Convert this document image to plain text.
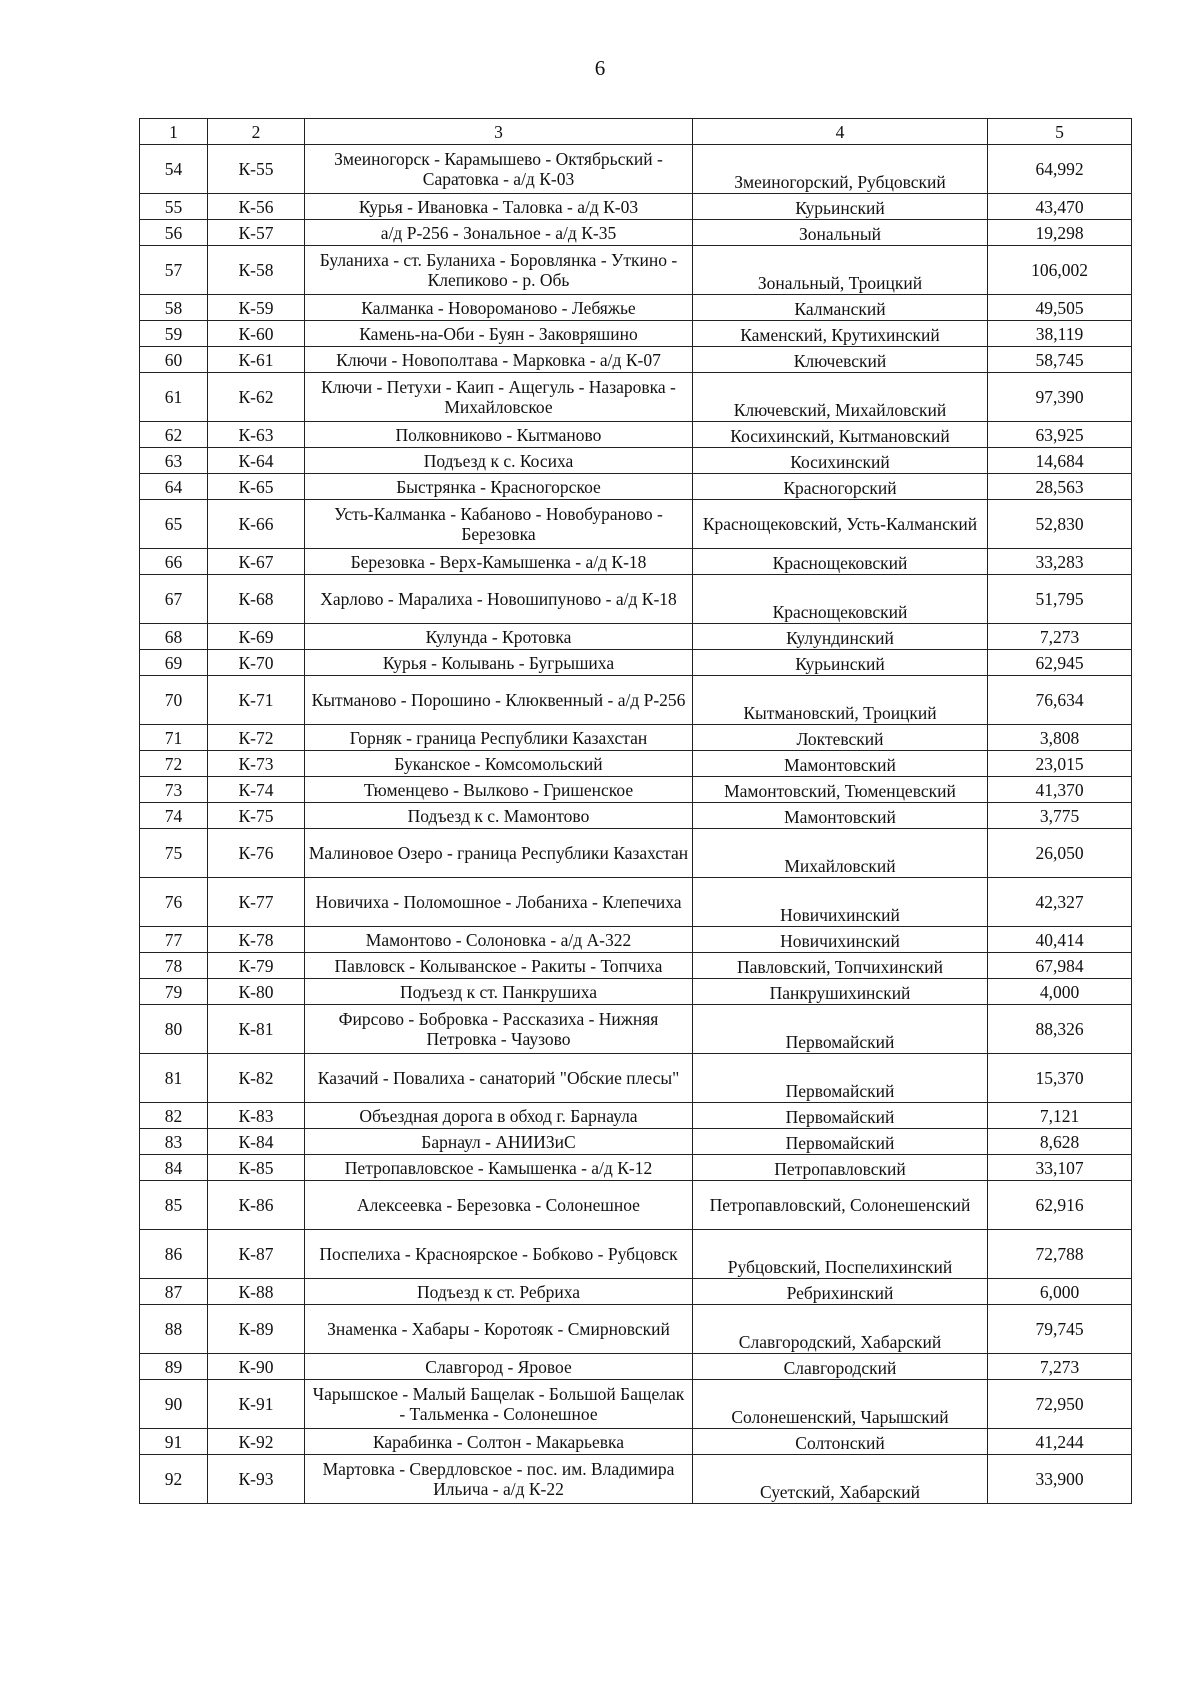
6
1	2	3	4	5
54	К-55	Змеиногорск - Карамышево - Октябрьский - Саратовка - а/д К-03	Змеиногорский, Рубцовский	64,992
55	К-56	Курья - Ивановка - Таловка - а/д К-03	Курьинский	43,470
56	К-57	а/д Р-256 - Зональное - а/д К-35	Зональный	19,298
57	К-58	Буланиха - ст. Буланиха - Боровлянка - Уткино - Клепиково - р. Обь	Зональный, Троицкий	106,002
58	К-59	Калманка - Новороманово - Лебяжье	Калманский	49,505
59	К-60	Камень-на-Оби - Буян - Заковряшино	Каменский, Крутихинский	38,119
60	К-61	Ключи - Новополтава - Марковка - а/д К-07	Ключевский	58,745
61	К-62	Ключи - Петухи - Каип - Ащегуль - Назаровка - Михайловское	Ключевский, Михайловский	97,390
62	К-63	Полковниково - Кытманово	Косихинский, Кытмановский	63,925
63	К-64	Подъезд к с. Косиха	Косихинский	14,684
64	К-65	Быстрянка - Красногорское	Красногорский	28,563
65	К-66	Усть-Калманка - Кабаново - Новобураново - Березовка	Краснощековский, Усть-Калманский	52,830
66	К-67	Березовка - Верх-Камышенка - а/д К-18	Краснощековский	33,283
67	К-68	Харлово - Маралиха - Новошипуново - а/д К-18	Краснощековский	51,795
68	К-69	Кулунда - Кротовка	Кулундинский	7,273
69	К-70	Курья - Колывань - Бугрышиха	Курьинский	62,945
70	К-71	Кытманово - Порошино - Клюквенный - а/д Р-256	Кытмановский, Троицкий	76,634
71	К-72	Горняк - граница Республики Казахстан	Локтевский	3,808
72	К-73	Буканское - Комсомольский	Мамонтовский	23,015
73	К-74	Тюменцево - Вылково - Гришенское	Мамонтовский, Тюменцевский	41,370
74	К-75	Подъезд к с. Мамонтово	Мамонтовский	3,775
75	К-76	Малиновое Озеро - граница Республики Казахстан	Михайловский	26,050
76	К-77	Новичиха - Поломошное - Лобаниха - Клепечиха	Новичихинский	42,327
77	К-78	Мамонтово - Солоновка - а/д А-322	Новичихинский	40,414
78	К-79	Павловск - Колыванское - Ракиты - Топчиха	Павловский, Топчихинский	67,984
79	К-80	Подъезд к ст. Панкрушиха	Панкрушихинский	4,000
80	К-81	Фирсово - Бобровка - Рассказиха - Нижняя Петровка - Чаузово	Первомайский	88,326
81	К-82	Казачий - Повалиха - санаторий "Обские плесы"	Первомайский	15,370
82	К-83	Объездная дорога в обход г. Барнаула	Первомайский	7,121
83	К-84	Барнаул - АНИИЗиС	Первомайский	8,628
84	К-85	Петропавловское - Камышенка - а/д К-12	Петропавловский	33,107
85	К-86	Алексеевка - Березовка - Солонешное	Петропавловский, Солонешенский	62,916
86	К-87	Поспелиха - Красноярское - Бобково - Рубцовск	Рубцовский, Поспелихинский	72,788
87	К-88	Подъезд к ст. Ребриха	Ребрихинский	6,000
88	К-89	Знаменка - Хабары - Коротояк - Смирновский	Славгородский, Хабарский	79,745
89	К-90	Славгород - Яровое	Славгородский	7,273
90	К-91	Чарышское - Малый Бащелак - Большой Бащелак - Тальменка - Солонешное	Солонешенский, Чарышский	72,950
91	К-92	Карабинка - Солтон - Макарьевка	Солтонский	41,244
92	К-93	Мартовка - Свердловское - пос. им. Владимира Ильича - а/д К-22	Суетский, Хабарский	33,900
